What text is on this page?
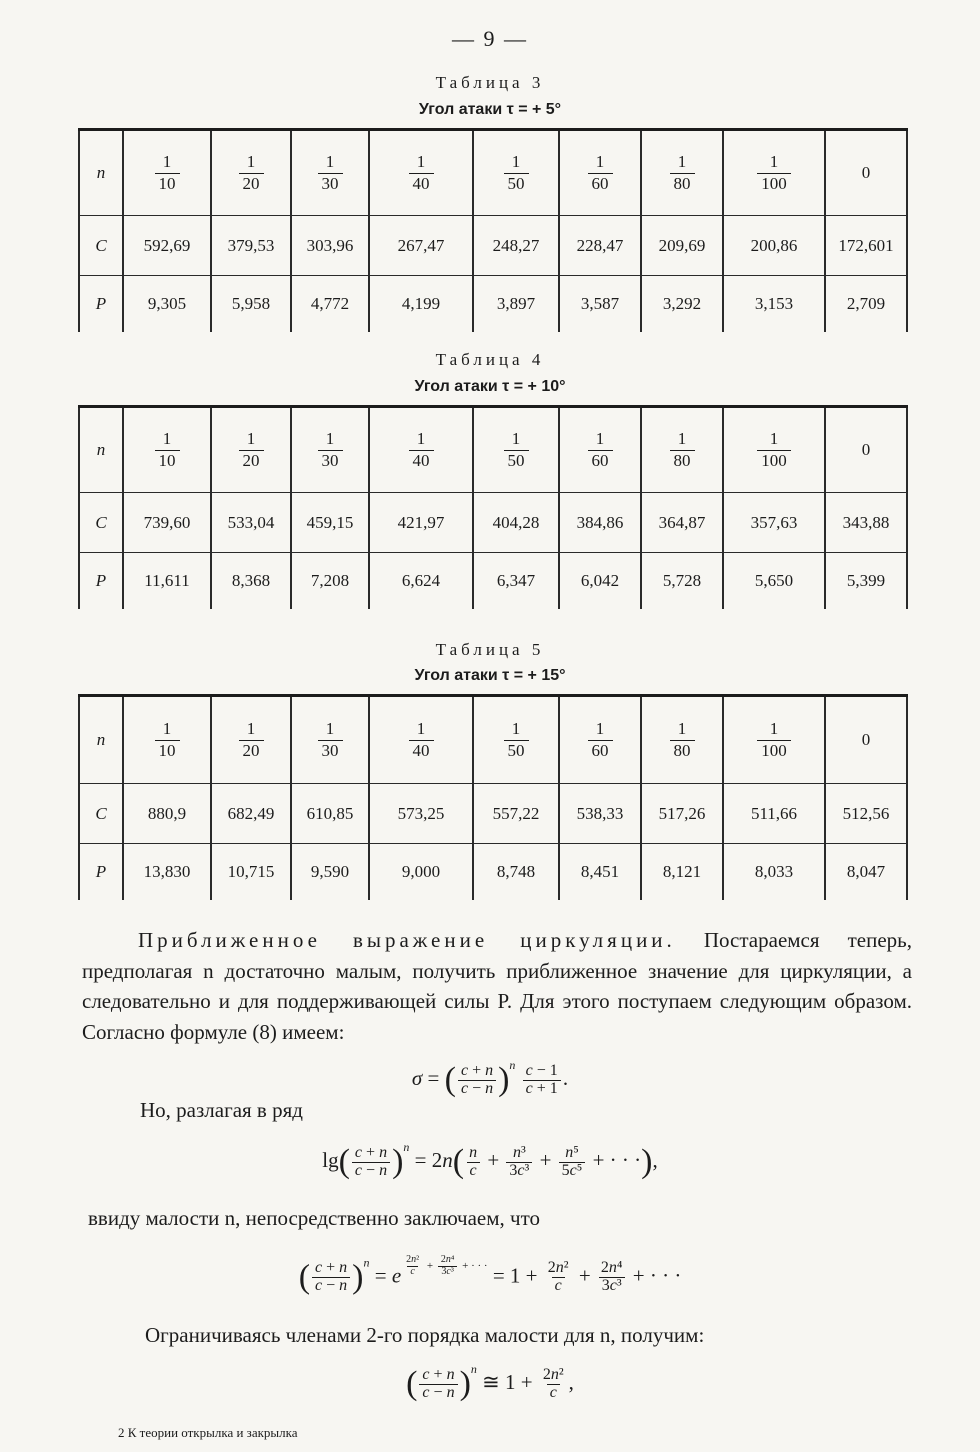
— 9 —
Таблица 3
Угол атаки τ = + 5°
n	$\frac{1}{10}$	$\frac{1}{20}$	$\frac{1}{30}$	$\frac{1}{40}$	$\frac{1}{50}$	$\frac{1}{60}$	$\frac{1}{80}$	$\frac{1}{100}$	0
C	592,69	379,53	303,96	267,47	248,27	228,47	209,69	200,86	172,601
P	9,305	5,958	4,772	4,199	3,897	3,587	3,292	3,153	2,709
Таблица 4
Угол атаки τ = + 10°
n	$\frac{1}{10}$	$\frac{1}{20}$	$\frac{1}{30}$	$\frac{1}{40}$	$\frac{1}{50}$	$\frac{1}{60}$	$\frac{1}{80}$	$\frac{1}{100}$	0
C	739,60	533,04	459,15	421,97	404,28	384,86	364,87	357,63	343,88
P	11,611	8,368	7,208	6,624	6,347	6,042	5,728	5,650	5,399
Таблица 5
Угол атаки τ = + 15°
n	$\frac{1}{10}$	$\frac{1}{20}$	$\frac{1}{30}$	$\frac{1}{40}$	$\frac{1}{50}$	$\frac{1}{60}$	$\frac{1}{80}$	$\frac{1}{100}$	0
C	880,9	682,49	610,85	573,25	557,22	538,33	517,26	511,66	512,56
P	13,830	10,715	9,590	9,000	8,748	8,451	8,121	8,033	8,047
Приближенное выражение циркуляции. Постараемся теперь, предполагая n достаточно малым, получить приближенное значение для циркуляции, а следовательно и для поддерживающей силы P. Для этого поступаем следующим образом. Согласно формуле (8) имеем:
σ = ( $\frac{c + n}{c - n} )^n \frac{c - 1}{c + 1}$ .
Но, разлагая в ряд
$\lg( \frac{c + n}{c - n} )^n = 2n( \frac{n}{c} + \frac{\text{n³}}{\text{3c³}} + \frac{\text{n⁵}}{\text{5c⁵}}$ + · · ·),
ввиду малости n, непосредственно заключаем, что
( $\frac{c + n}{c - n} )^n = e$ $^{\frac{\text{2n²}}{c} + \frac{\text{2n⁴}}{\text{3c³}} + \cdot \cdot \cdot} = 1 + \frac{\text{2n²}}{c} + \frac{\text{2n⁴}}{\text{3c³}}$ + · · ·
Ограничиваясь членами 2-го порядка малости для n, получим:
( $\frac{c + n}{c - n} )^n$ ≅ $1 + \frac{\text{2n²}}{c}$ ,
2 К теории открылка и закрылка
